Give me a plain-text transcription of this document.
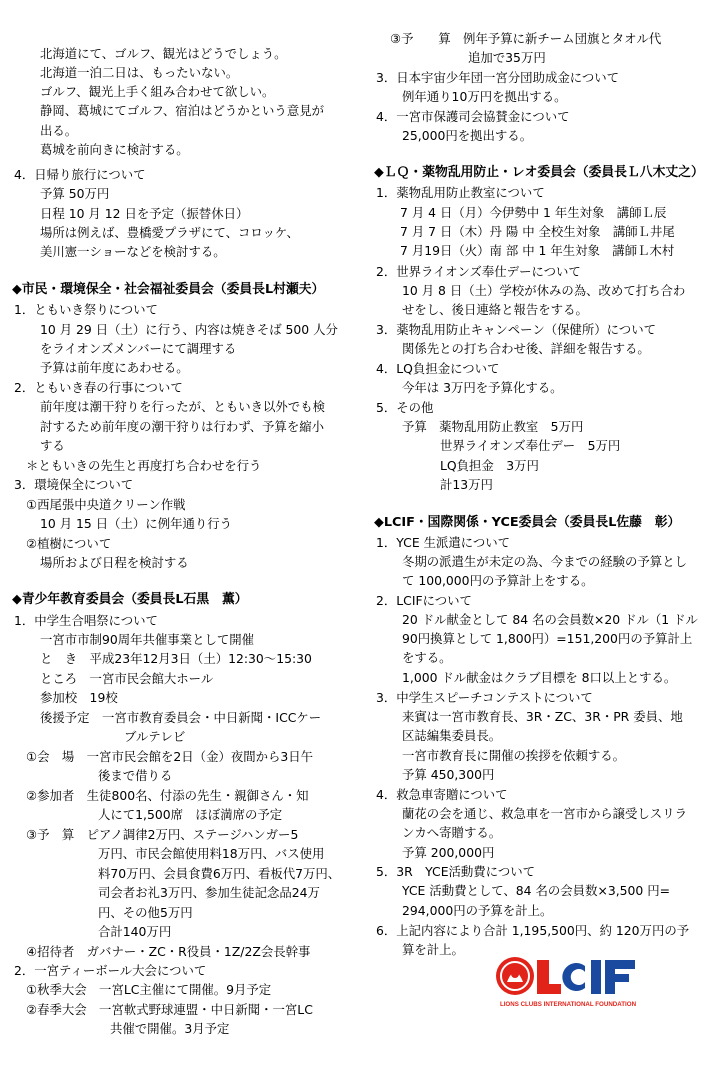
北海道にて、ゴルフ、観光はどうでしょう。
北海道一泊二日は、もったいない。
ゴルフ、観光上手く組み合わせて欲しい。
静岡、葛城にてゴルフ、宿泊はどうかという意見が
出る。
葛城を前向きに検討する。
4．日帰り旅行について
予算 50万円
日程 10 月 12 日を予定（振替休日）
場所は例えば、豊橋愛プラザにて、コロッケ、
美川憲一ショーなどを検討する。
◆市民・環境保全・社会福祉委員会（委員長L村瀬夫）
1．ともいき祭りについて
10 月 29 日（土）に行う、内容は焼きそば 500 人分
をライオンズメンバーにて調理する
予算は前年度にあわせる。
2．ともいき春の行事について
前年度は潮干狩りを行ったが、ともいき以外でも検
討するため前年度の潮干狩りは行わず、予算を縮小
する
＊ともいきの先生と再度打ち合わせを行う
3．環境保全について
①西尾張中央道クリーン作戦
10 月 15 日（土）に例年通り行う
②植樹について
場所および日程を検討する
◆青少年教育委員会（委員長L石黒　薫）
1．中学生合唱祭について
一宮市市制90周年共催事業として開催
と　き　平成23年12月3日（土）12:30～15:30
ところ　一宮市民会館大ホール
参加校　19校
後援予定　一宮市教育委員会・中日新聞・ICCケー
ブルテレビ
①会　場　一宮市民会館を2日（金）夜間から3日午
後まで借りる
②参加者　生徒800名、付添の先生・親御さん・知
人にて1,500席　ほぼ満席の予定
③予　算　ピアノ調律2万円、ステージハンガー5
万円、市民会館使用料18万円、バス使用
料70万円、会員食費6万円、看板代7万円、
司会者お礼3万円、参加生徒記念品24万
円、その他5万円
合計140万円
④招待者　ガバナー・ZC・R役員・1Z/2Z会長幹事
2．一宮ティーボール大会について
①秋季大会　一宮LC主催にて開催。9月予定
②春季大会　一宮軟式野球連盟・中日新聞・一宮LC
共催で開催。3月予定
③予　　算　例年予算に新チーム団旗とタオル代
追加で35万円
3．日本宇宙少年団一宮分団助成金について
例年通り10万円を拠出する。
4．一宮市保護司会協賛金について
25,000円を拠出する。
◆ＬＱ・薬物乱用防止・レオ委員会（委員長Ｌ八木丈之）
1．薬物乱用防止教室について
7 月 4 日（月）今伊勢中 1 年生対象　講師Ｌ辰
7 月 7 日（木）丹 陽 中 全校生対象　講師Ｌ井尾
7 月19日（火）南 部 中 1 年生対象　講師Ｌ木村
2．世界ライオンズ奉仕デーについて
10 月 8 日（土）学校が休みの為、改めて打ち合わ
せをし、後日連絡と報告をする。
3．薬物乱用防止キャンペーン（保健所）について
関係先との打ち合わせ後、詳細を報告する。
4．LQ負担金について
今年は 3万円を予算化する。
5．その他
予算　薬物乱用防止教室　5万円
世界ライオンズ奉仕デー　5万円
LQ負担金　3万円
計13万円
◆LCIF・国際関係・YCE委員会（委員長L佐藤　彰）
1．YCE 生派遣について
冬期の派遣生が未定の為、今までの経験の予算とし
て 100,000円の予算計上をする。
2．LCIFについて
20 ドル献金として 84 名の会員数×20 ドル（1 ドル
90円換算として 1,800円）=151,200円の予算計上
をする。
1,000 ドル献金はクラブ目標を 8口以上とする。
3．中学生スピーチコンテストについて
来賓は一宮市教育長、3R・ZC、3R・PR 委員、地
区誌編集委員長。
一宮市教育長に開催の挨拶を依頼する。
予算 450,300円
4．救急車寄贈について
蘭花の会を通じ、救急車を一宮市から譲受しスリラ
ンカへ寄贈する。
予算 200,000円
5．3R　YCE活動費について
YCE 活動費として、84 名の会員数×3,500 円=
294,000円の予算を計上。
6．上記内容により合計 1,195,500円、約 120万円の予
算を計上。
LIONS CLUBS INTERNATIONAL FOUNDATION
